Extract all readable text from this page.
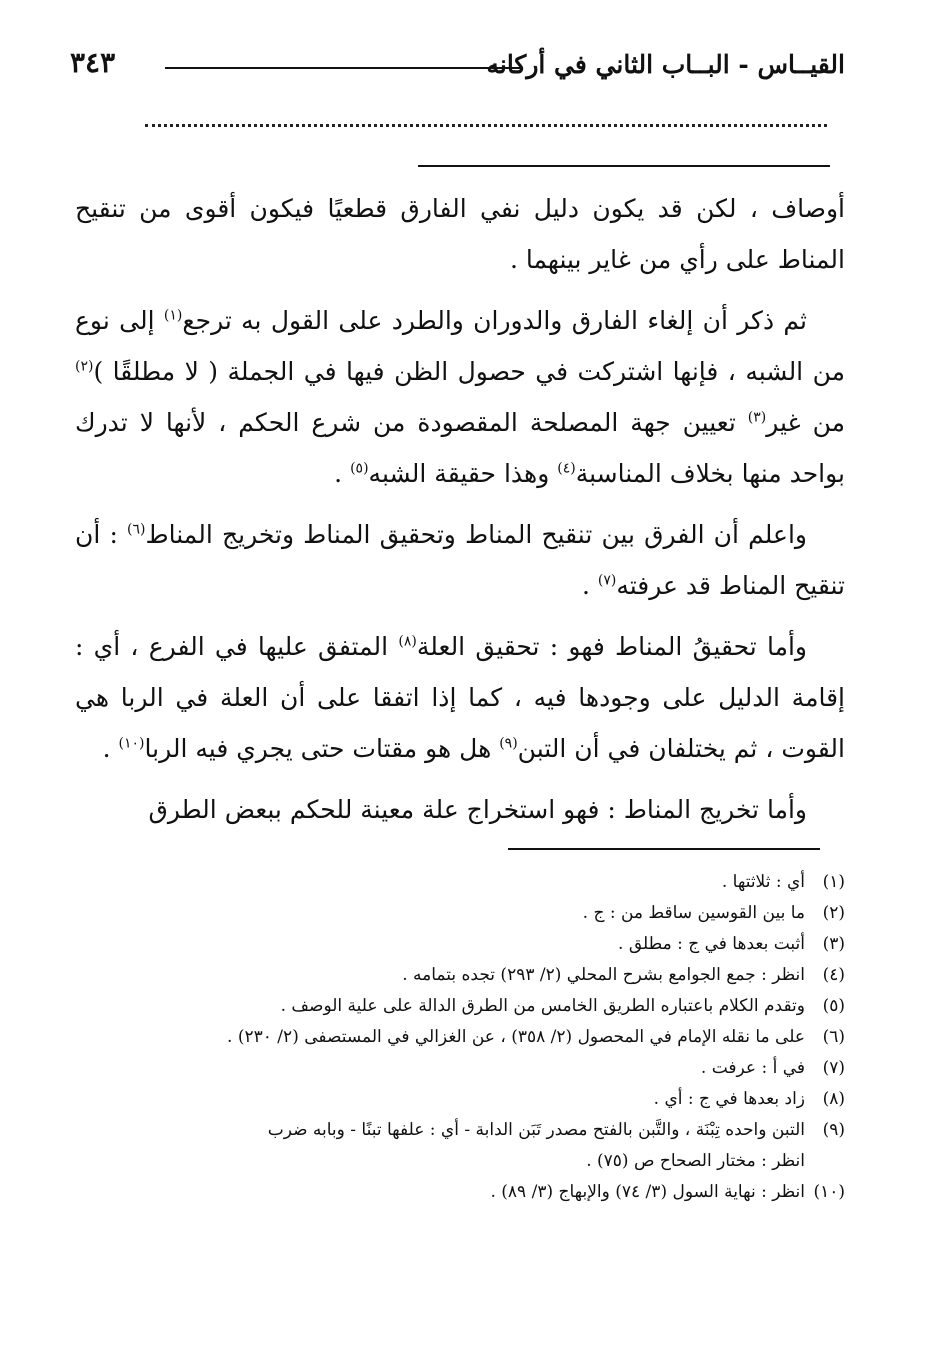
القيــاس - البــاب الثاني في أركانه
٣٤٣

أوصاف ، لكن قد يكون دليل نفي الفارق قطعيًا فيكون أقوى من تنقيح المناط على رأي من غاير بينهما .

ثم ذكر أن إلغاء الفارق والدوران والطرد على القول به ترجع$^{(١)}$ إلى نوع من الشبه ، فإنها اشتركت في حصول الظن فيها في الجملة ( لا مطلقًا )$^{(٢)}$ من غير$^{(٣)}$ تعيين جهة المصلحة المقصودة من شرع الحكم ، لأنها لا تدرك بواحد منها بخلاف المناسبة$^{(٤)}$ وهذا حقيقة الشبه$^{(٥)}$ .

واعلم أن الفرق بين تنقيح المناط وتحقيق المناط وتخريج المناط$^{(٦)}$ : أن تنقيح المناط قد عرفته$^{(٧)}$ .

وأما تحقيقُ المناط فهو : تحقيق العلة$^{(٨)}$ المتفق عليها في الفرع ، أي : إقامة الدليل على وجودها فيه ، كما إذا اتفقا على أن العلة في الربا هي القوت ، ثم يختلفان في أن التبن$^{(٩)}$ هل هو مقتات حتى يجري فيه الربا$^{(١٠)}$ .

وأما تخريج المناط : فهو استخراج علة معينة للحكم ببعض الطرق

(١)أي : ثلاثتها .
(٢)ما بين القوسين ساقط من : ج .
(٣)أثبت بعدها في ج : مطلق .
(٤)انظر : جمع الجوامع بشرح المحلي (٢/ ٢٩٣) تجده بتمامه .
(٥)وتقدم الكلام باعتباره الطريق الخامس من الطرق الدالة على علية الوصف .
(٦)على ما نقله الإمام في المحصول (٢/ ٣٥٨) ، عن الغزالي في المستصفى (٢/ ٢٣٠) .
(٧)في أ : عرفت .
(٨)زاد بعدها في ج : أي .
(٩)التبن واحده تِبْنَة ، والتَّبن بالفتح مصدر تَبَن الدابة - أي : علفها تبنًا - وبابه ضرب
انظر : مختار الصحاح ص (٧٥) .
(١٠)انظر : نهاية السول (٣/ ٧٤) والإبهاج (٣/ ٨٩) .
